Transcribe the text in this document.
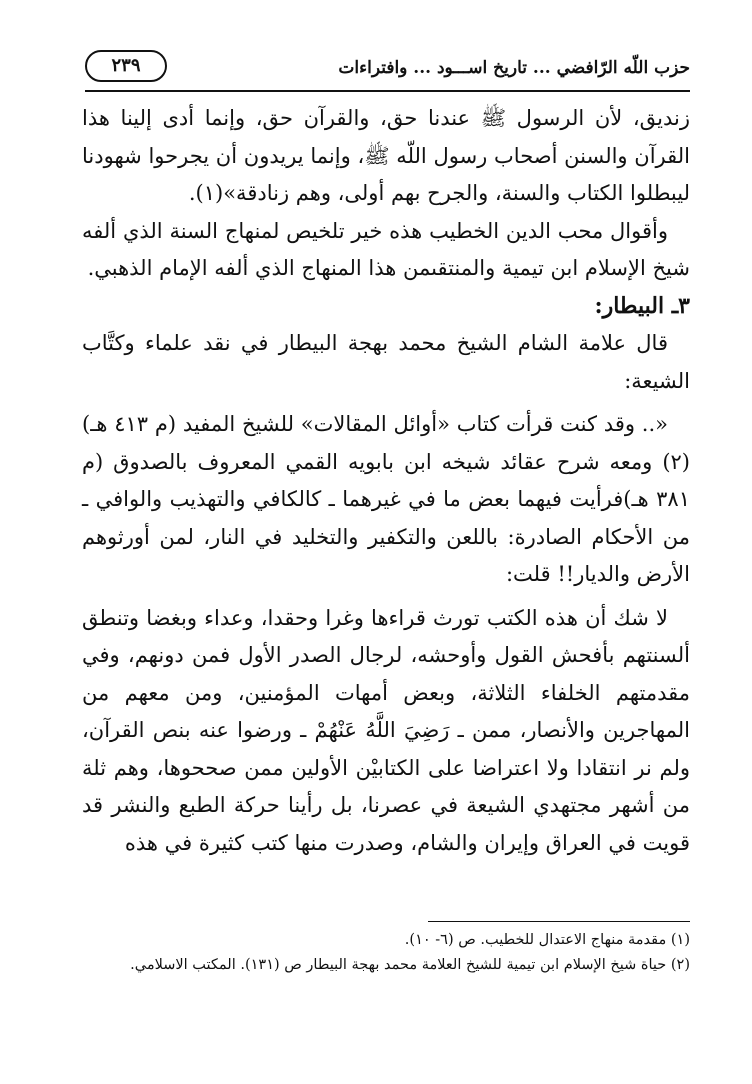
حزب اللّه الرّافضي ... تاريخ اســـود ... وافتراءات
٢٣٩

زنديق، لأن الرسول ﷺ عندنا حق، والقرآن حق، وإنما أدى إلينا هذا القرآن والسنن أصحاب رسول اللّه ﷺ، وإنما يريدون أن يجرحوا شهودنا ليبطلوا الكتاب والسنة، والجرح بهم أولى، وهم زنادقة»(١).

وأقوال محب الدين الخطيب هذه خير تلخيص لمنهاج السنة الذي ألفه شيخ الإسلام ابن تيمية والمنتقىمن هذا المنهاج الذي ألفه الإمام الذهبي.

٣ـ البيطار:

قال علامة الشام الشيخ محمد بهجة البيطار في نقد علماء وكتَّاب الشيعة:

«.. وقد كنت قرأت كتاب «أوائل المقالات» للشيخ المفيد (م ٤١٣ هـ)(٢) ومعه شرح عقائد شيخه ابن بابويه القمي المعروف بالصدوق (م ٣٨١ هـ)فرأيت فيهما بعض ما في غيرهما ـ كالكافي والتهذيب والوافي ـ من الأحكام الصادرة: باللعن والتكفير والتخليد في النار، لمن أورثوهم الأرض والديار!! قلت:

لا شك أن هذه الكتب تورث قراءها وغرا وحقدا، وعداء وبغضا وتنطق ألسنتهم بأفحش القول وأوحشه، لرجال الصدر الأول فمن دونهم، وفي مقدمتهم الخلفاء الثلاثة، وبعض أمهات المؤمنين، ومن معهم من المهاجرين والأنصار، ممن ـ رَضِيَ اللَّهُ عَنْهُمْ ـ ورضوا عنه بنص القرآن، ولم نر انتقادا ولا اعتراضا على الكتابيْن الأولين ممن صححوها، وهم ثلة من أشهر مجتهدي الشيعة في عصرنا، بل رأينا حركة الطبع والنشر قد قويت في العراق وإيران والشام، وصدرت منها كتب كثيرة في هذه

(١) مقدمة منهاج الاعتدال للخطيب. ص (٦- ١٠).

(٢) حياة شيخ الإسلام ابن تيمية للشيخ العلامة محمد بهجة البيطار ص (١٣١). المكتب الاسلامي.
